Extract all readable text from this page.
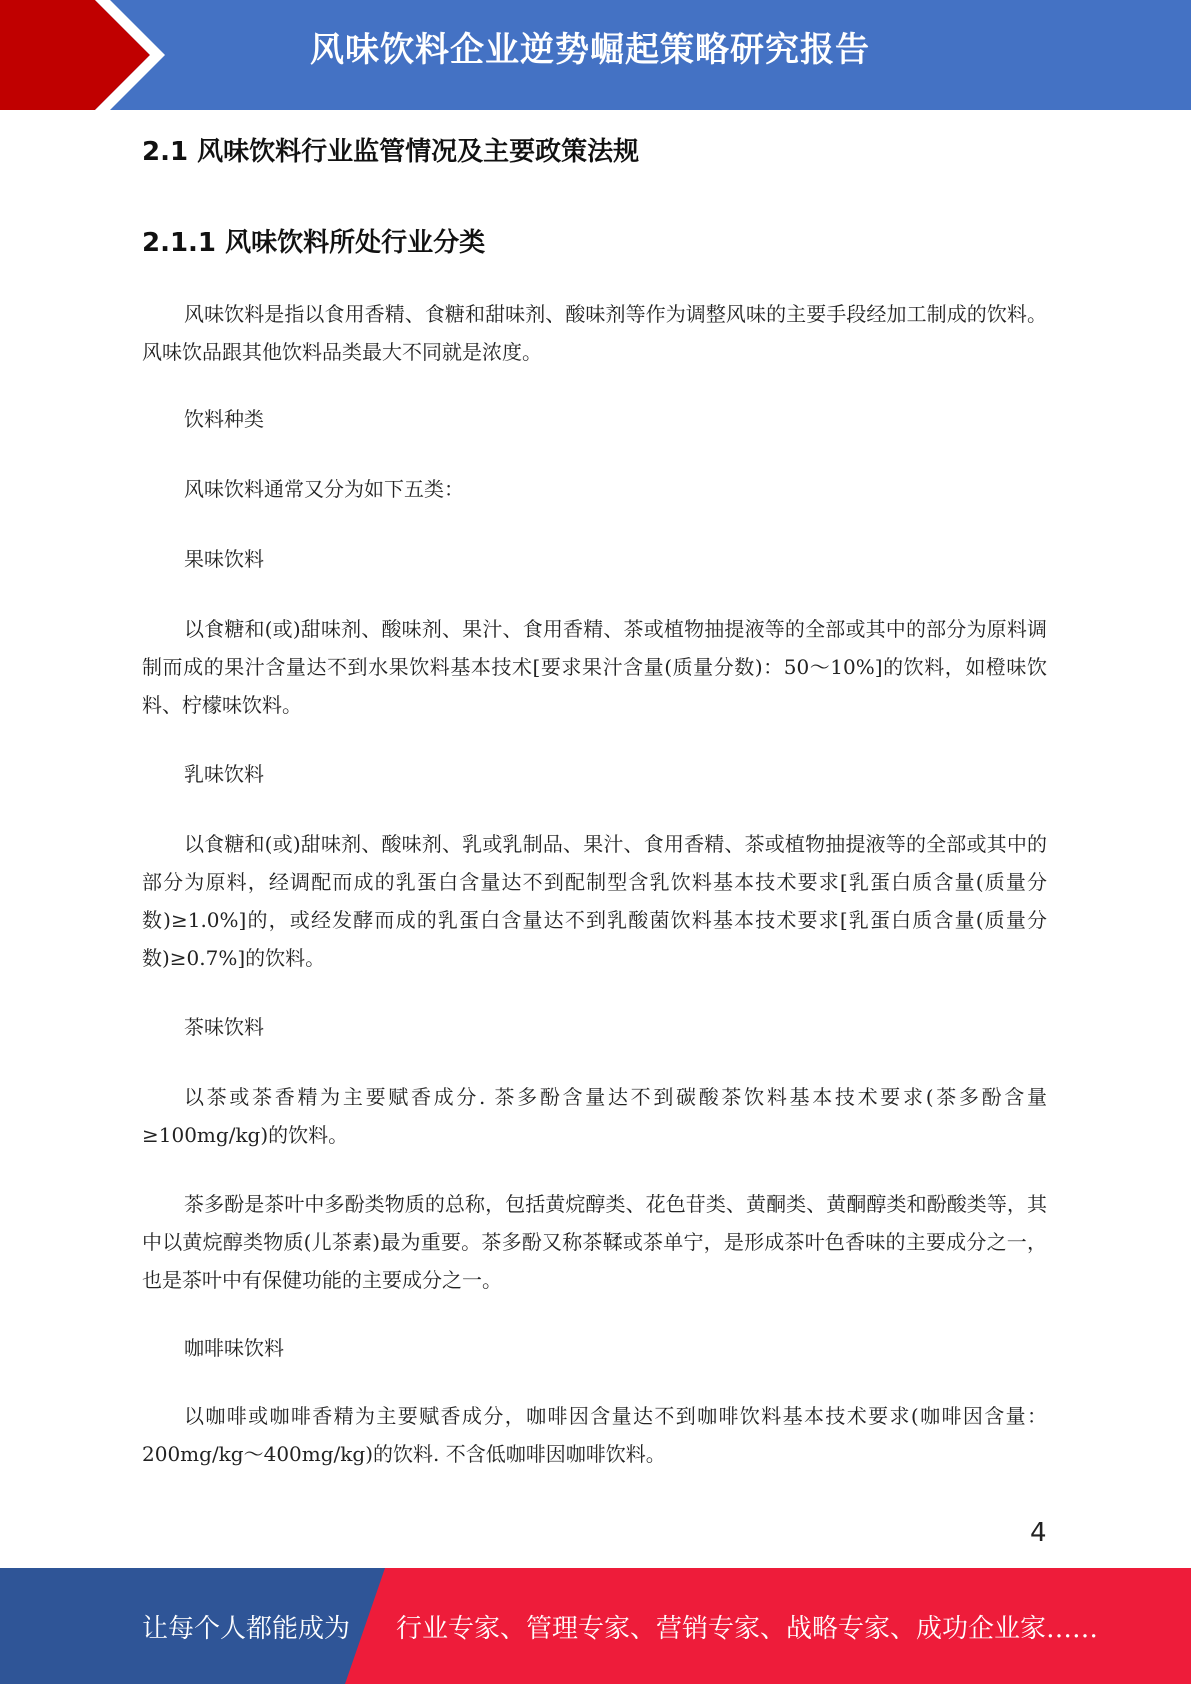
风味饮料企业逆势崛起策略研究报告
2.1 风味饮料行业监管情况及主要政策法规
2.1.1 风味饮料所处行业分类

风味饮料是指以食用香精、食糖和甜味剂、酸味剂等作为调整风味的主要手段经加工制成的饮料。风味饮品跟其他饮料品类最大不同就是浓度。

饮料种类

风味饮料通常又分为如下五类：

果味饮料

以食糖和(或)甜味剂、酸味剂、果汁、食用香精、茶或植物抽提液等的全部或其中的部分为原料调制而成的果汁含量达不到水果饮料基本技术[要求果汁含量(质量分数)：50～10%]的饮料，如橙味饮料、柠檬味饮料。

乳味饮料

以食糖和(或)甜味剂、酸味剂、乳或乳制品、果汁、食用香精、茶或植物抽提液等的全部或其中的部分为原料，经调配而成的乳蛋白含量达不到配制型含乳饮料基本技术要求[乳蛋白质含量(质量分数)≥1.0%]的，或经发酵而成的乳蛋白含量达不到乳酸菌饮料基本技术要求[乳蛋白质含量(质量分数)≥0.7%]的饮料。

茶味饮料

以茶或茶香精为主要赋香成分. 茶多酚含量达不到碳酸茶饮料基本技术要求(茶多酚含量≥100mg/kg)的饮料。

茶多酚是茶叶中多酚类物质的总称，包括黄烷醇类、花色苷类、黄酮类、黄酮醇类和酚酸类等，其中以黄烷醇类物质(儿茶素)最为重要。茶多酚又称茶鞣或茶单宁，是形成茶叶色香味的主要成分之一，也是茶叶中有保健功能的主要成分之一。

咖啡味饮料

以咖啡或咖啡香精为主要赋香成分，咖啡因含量达不到咖啡饮料基本技术要求(咖啡因含量：200mg/kg～400mg/kg)的饮料. 不含低咖啡因咖啡饮料。

4
让每个人都能成为 行业专家、管理专家、营销专家、战略专家、成功企业家……
